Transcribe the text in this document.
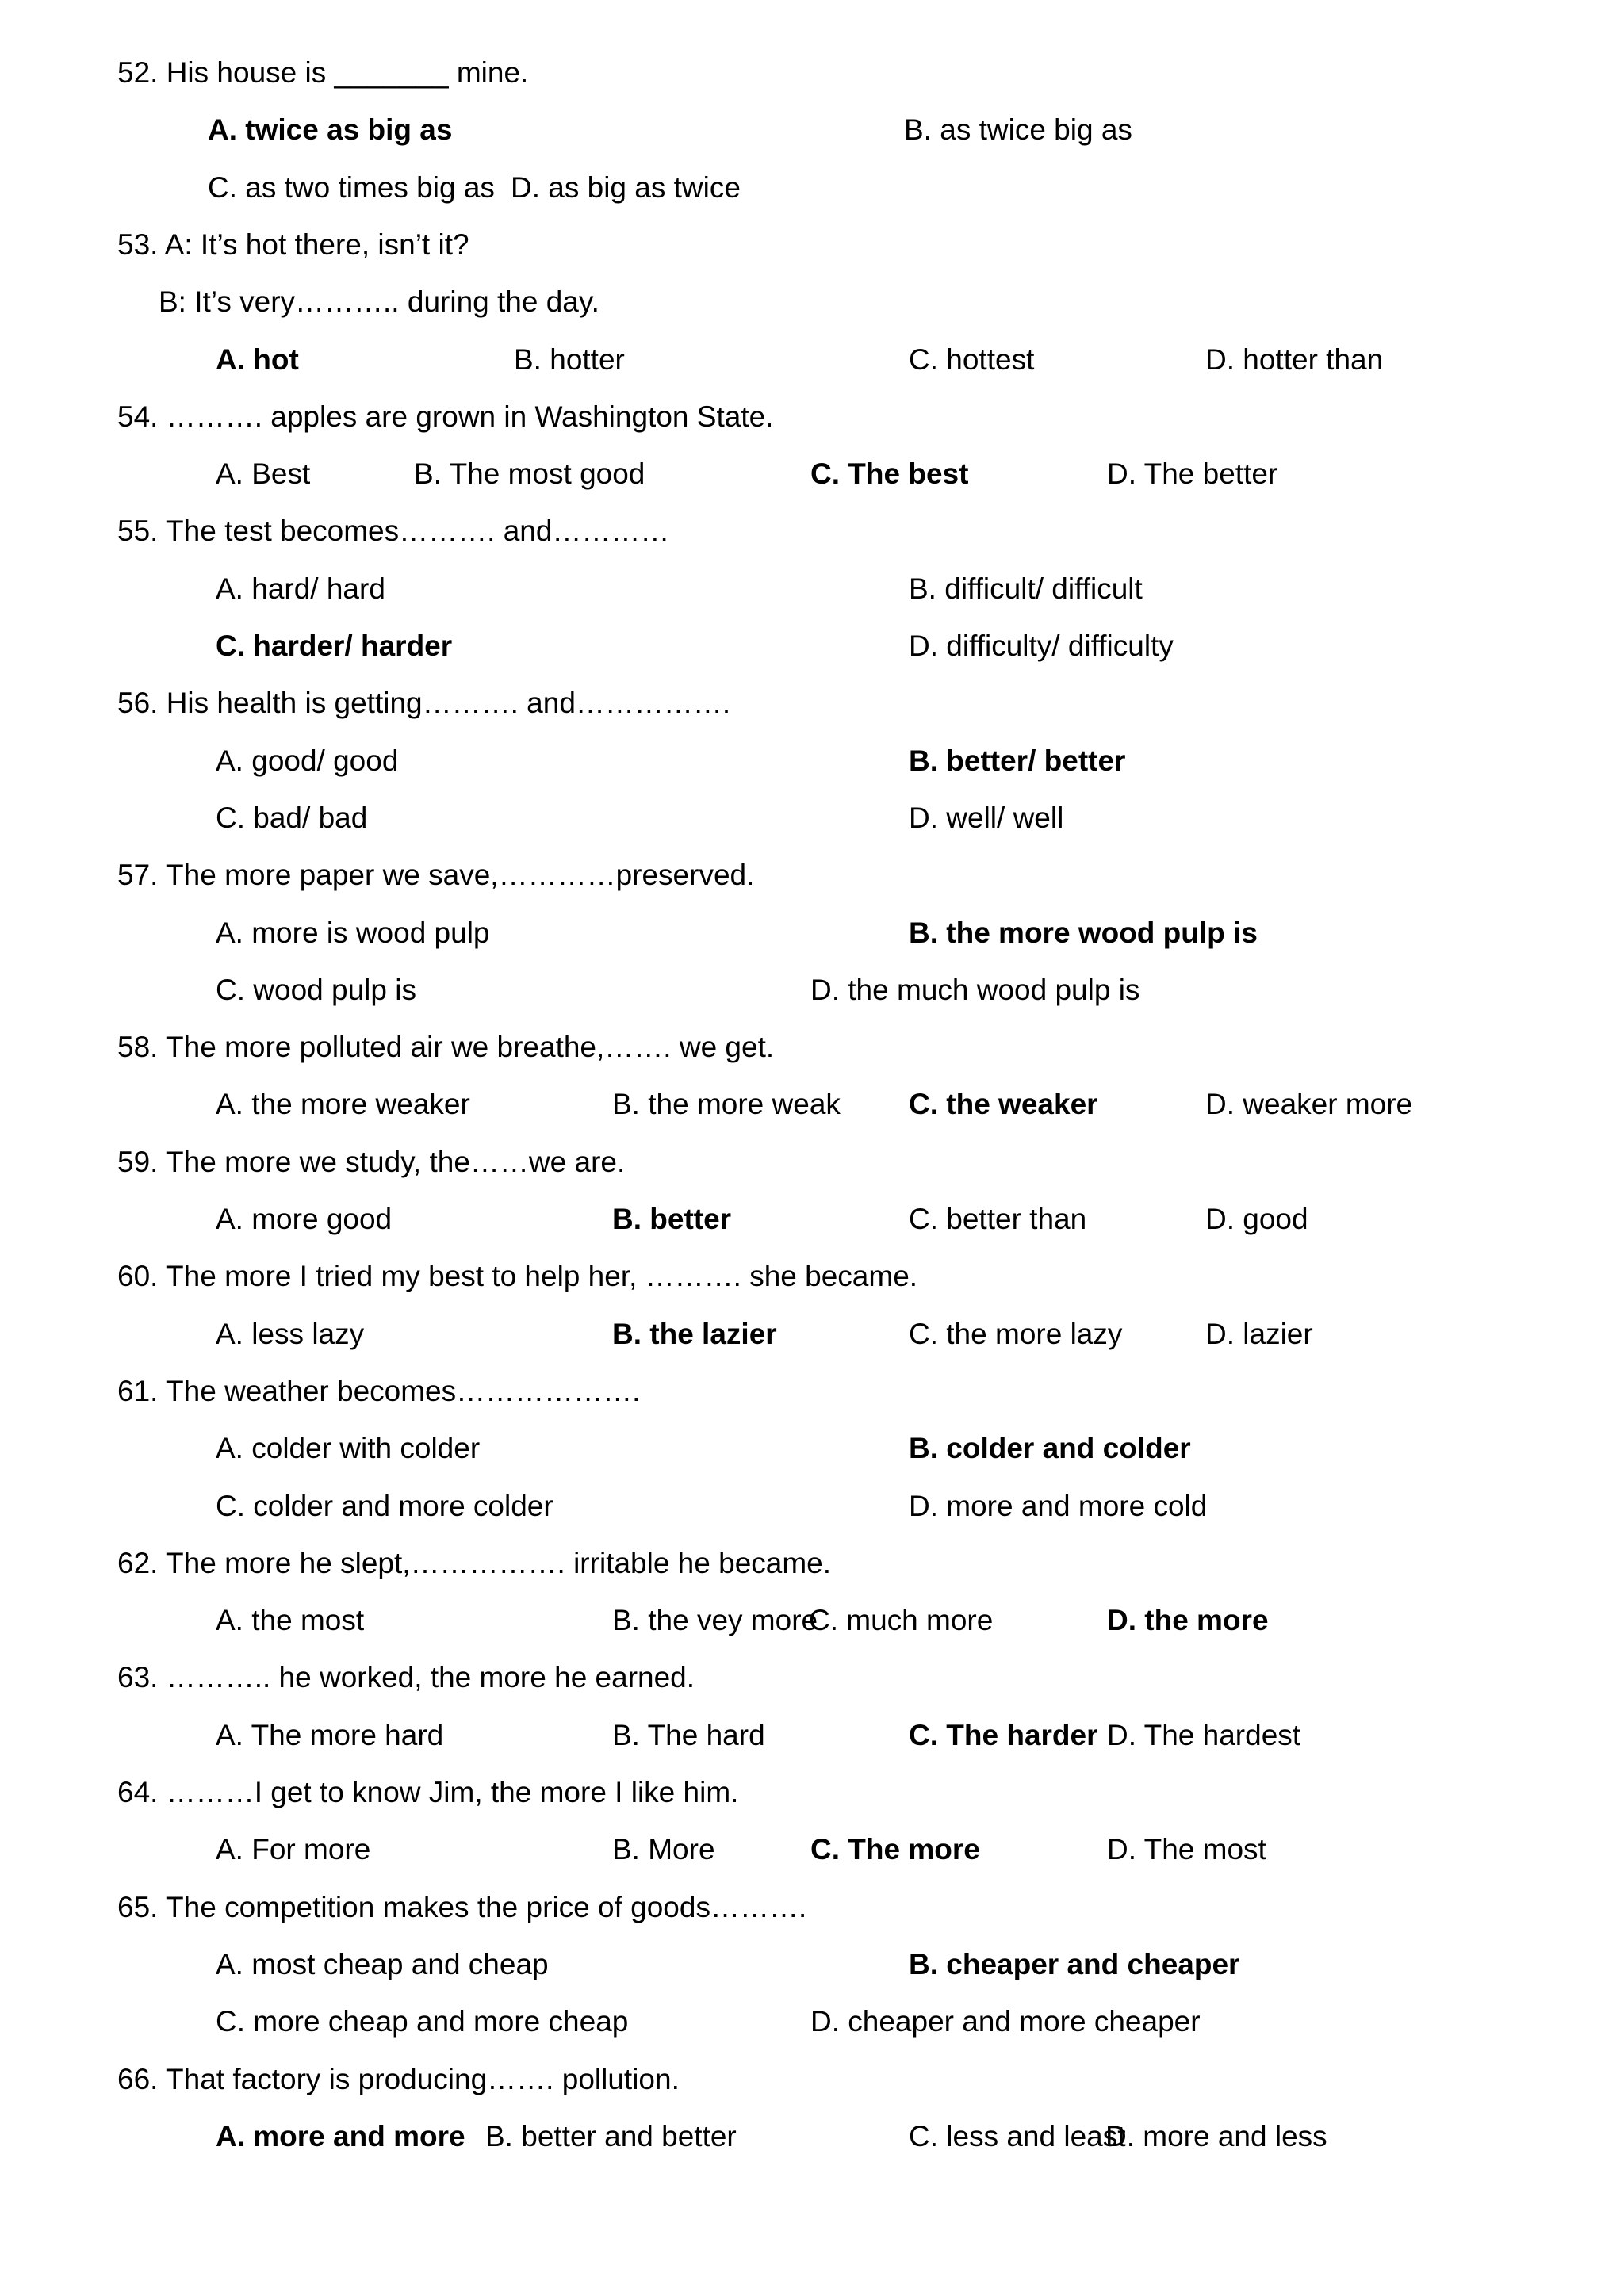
52. His house is _______ mine.
A. twice as big as	B. as twice big as
C. as two times big as D. as big as twice
53. A: It’s hot there, isn’t it?
B: It’s very……….. during the day.
A. hot	B. hotter	C. hottest	D. hotter than
54. ………. apples are grown in Washington State.
A. Best	B. The most good	C. The best	D. The better
55. The test becomes………. and…………
A. hard/ hard	B. difficult/ difficult
C. harder/ harder	D. difficulty/ difficulty
56. His health is getting………. and…………….
A. good/ good	B. better/ better
C. bad/ bad	D. well/ well
57. The more paper we save,…………preserved.
A. more is wood pulp	B. the more wood pulp is
C. wood pulp is	D. the much wood pulp is
58. The more polluted air we breathe,……. we get.
A. the more weaker	B. the more weak C. the weaker	D. weaker more
59. The more we study, the……we are.
A. more good	B. better	C. better than	D. good
60. The more I tried my best to help her, ………. she became.
A. less lazy	B. the lazier	C. the more lazy	D. lazier
61. The weather becomes……………….
A. colder with colder	B. colder and colder
C. colder and more colder	D. more and more cold
62. The more he slept,……………. irritable he became.
A. the most	B. the vey more
C. much more	D. the more
63. ……….. he worked, the more he earned.
A. The more hard	B. The hard	C. The harder D. The hardest
64. ………I get to know Jim, the more I like him.
A. For more	B. More	C. The more	D. The most
65. The competition makes the price of goods……….
A. most cheap and cheap	B. cheaper and cheaper
C. more cheap and more cheap	D. cheaper and more cheaper
66. That factory is producing……. pollution.
A. more and more B. better and better	C. less and least
D. more and less
